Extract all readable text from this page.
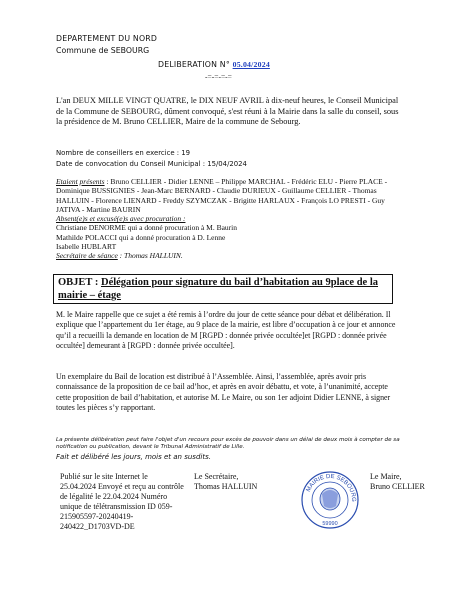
DEPARTEMENT DU NORD
Commune de SEBOURG
DELIBERATION N° 05.04/2024
-=-=-=-=
L'an DEUX MILLE VINGT QUATRE, le DIX NEUF AVRIL à dix-neuf heures, le Conseil Municipal de la Commune de SEBOURG, dûment convoqué, s'est réuni à la Mairie dans la salle du conseil, sous la présidence de M. Bruno CELLIER, Maire de la commune de Sebourg.
Nombre de conseillers en exercice : 19
Date de convocation du Conseil Municipal : 15/04/2024
Etaient présents : Bruno CELLIER - Didier LENNE – Philippe MARCHAL - Frédéric ELU - Pierre PLACE - Dominique BUSSIGNIES - Jean-Marc BERNARD - Claudie DURIEUX - Guillaume CELLIER - Thomas HALLUIN - Florence LIENARD - Freddy SZYMCZAK - Brigitte HARLAUX - François LO PRESTI - Guy JATIVA - Martine BAURIN
Absent(e)s et excusé(e)s avec procuration :
Christiane DENORME qui a donné procuration à M. Baurin
Mathilde POLACCI qui a donné procuration à D. Lenne
Isabelle HUBLART
Secrétaire de séance : Thomas HALLUIN.
OBJET : Délégation pour signature du bail d’habitation au 9place de la mairie – étage
M. le Maire rappelle que ce sujet a été remis à l’ordre du jour de cette séance pour débat et délibération. Il explique que l’appartement du 1er étage, au 9 place de la mairie, est libre d’occupation à ce jour et annonce qu’il a recueilli la demande en location de M [RGPD : donnée privée occultée]et [RGPD : donnée privée occultée] demeurant à [RGPD : donnée privée occultée].
Un exemplaire du Bail de location est distribué à l’Assemblée. Ainsi, l’assemblée, après avoir pris connaissance de la proposition de ce bail ad’hoc, et après en avoir débattu, et vote, à l’unanimité, accepte cette proposition de bail d’habitation, et autorise M. Le Maire, ou son 1er adjoint Didier LENNE, à signer toutes les pièces s’y rapportant.
La présente délibération peut faire l'objet d'un recours pour excès de pouvoir dans un délai de deux mois à compter de sa notification ou publication, devant le Tribunal Administratif de Lille.
Fait et délibéré les jours, mois et an susdits.
Publié sur le site Internet le 25.04.2024 Envoyé et reçu au contrôle de légalité le 22.04.2024 Numéro unique de télétransmission ID 059-215905597-20240419-240422_D1703VD-DE
Le Secrétaire,
Thomas HALLUIN
Le Maire,
Bruno CELLIER
MAIRIE DE SEBOURG
59990
